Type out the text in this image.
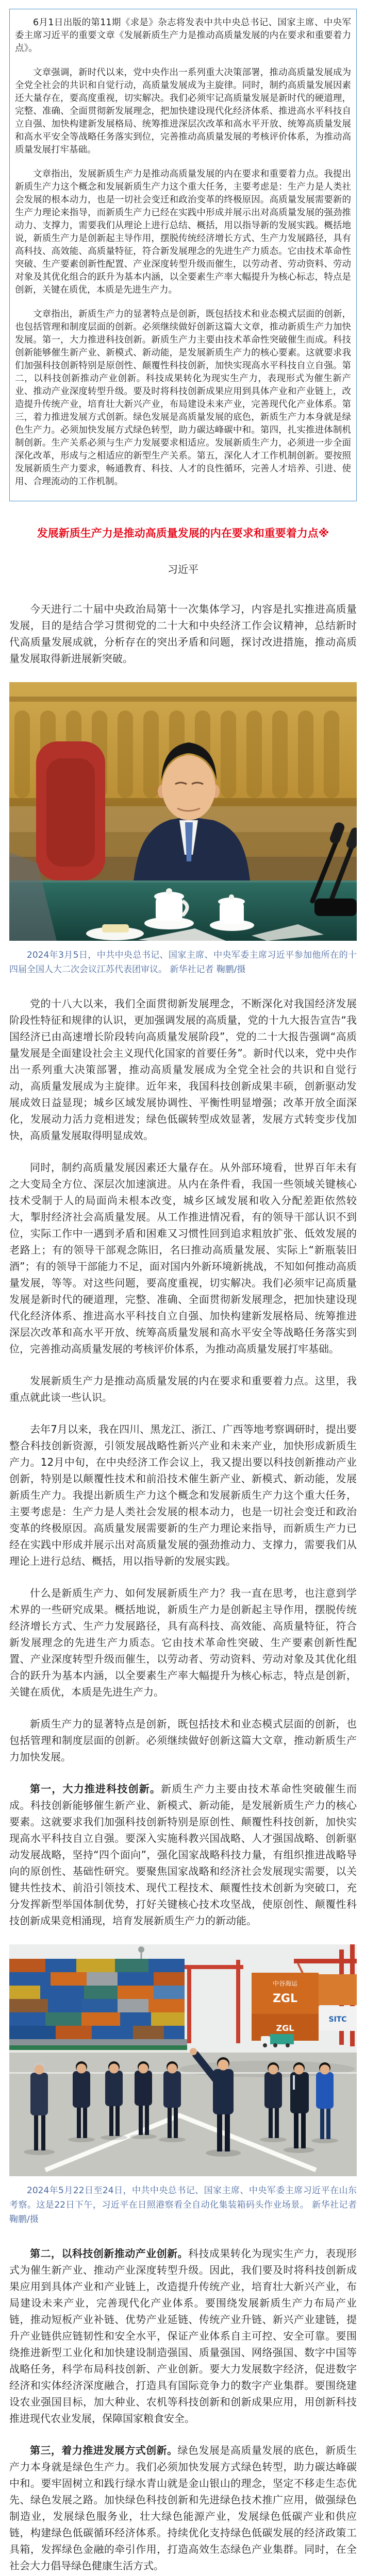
6月1日出版的第11期《求是》杂志将发表中共中央总书记、国家主席、中央军委主席习近平的重要文章《发展新质生产力是推动高质量发展的内在要求和重要着力点》。

文章强调，新时代以来，党中央作出一系列重大决策部署，推动高质量发展成为全党全社会的共识和自觉行动，高质量发展成为主旋律。同时，制约高质量发展因素还大量存在，要高度重视，切实解决。我们必须牢记高质量发展是新时代的硬道理，完整、准确、全面贯彻新发展理念，把加快建设现代化经济体系、推进高水平科技自立自强、加快构建新发展格局、统筹推进深层次改革和高水平开放、统筹高质量发展和高水平安全等战略任务落实到位，完善推动高质量发展的考核评价体系，为推动高质量发展打牢基础。

文章指出，发展新质生产力是推动高质量发展的内在要求和重要着力点。我提出新质生产力这个概念和发展新质生产力这个重大任务，主要考虑是：生产力是人类社会发展的根本动力，也是一切社会变迁和政治变革的终极原因。高质量发展需要新的生产力理论来指导，而新质生产力已经在实践中形成并展示出对高质量发展的强劲推动力、支撑力，需要我们从理论上进行总结、概括，用以指导新的发展实践。概括地说，新质生产力是创新起主导作用，摆脱传统经济增长方式、生产力发展路径，具有高科技、高效能、高质量特征，符合新发展理念的先进生产力质态。它由技术革命性突破、生产要素创新性配置、产业深度转型升级而催生，以劳动者、劳动资料、劳动对象及其优化组合的跃升为基本内涵，以全要素生产率大幅提升为核心标志，特点是创新，关键在质优，本质是先进生产力。

文章指出，新质生产力的显著特点是创新，既包括技术和业态模式层面的创新，也包括管理和制度层面的创新。必须继续做好创新这篇大文章，推动新质生产力加快发展。第一，大力推进科技创新。新质生产力主要由技术革命性突破催生而成。科技创新能够催生新产业、新模式、新动能，是发展新质生产力的核心要素。这就要求我们加强科技创新特别是原创性、颠覆性科技创新，加快实现高水平科技自立自强。第二，以科技创新推动产业创新。科技成果转化为现实生产力，表现形式为催生新产业、推动产业深度转型升级。要及时将科技创新成果应用到具体产业和产业链上，改造提升传统产业，培育壮大新兴产业，布局建设未来产业，完善现代化产业体系。第三，着力推进发展方式创新。绿色发展是高质量发展的底色，新质生产力本身就是绿色生产力。必须加快发展方式绿色转型，助力碳达峰碳中和。第四，扎实推进体制机制创新。生产关系必须与生产力发展要求相适应。发展新质生产力，必须进一步全面深化改革，形成与之相适应的新型生产关系。第五，深化人才工作机制创新。要按照发展新质生产力要求，畅通教育、科技、人才的良性循环，完善人才培养、引进、使用、合理流动的工作机制。

发展新质生产力是推动高质量发展的内在要求和重要着力点※
习近平

今天进行二十届中央政治局第十一次集体学习，内容是扎实推进高质量发展，目的是结合学习贯彻党的二十大和中央经济工作会议精神，总结新时代高质量发展成就，分析存在的突出矛盾和问题，探讨改进措施，推动高质量发展取得新进展新突破。

2024年3月5日，中共中央总书记、国家主席、中央军委主席习近平参加他所在的十四届全国人大二次会议江苏代表团审议。 新华社记者 鞠鹏/摄

党的十八大以来，我们全面贯彻新发展理念，不断深化对我国经济发展阶段性特征和规律的认识，更加强调发展的高质量，党的十九大报告宣告“我国经济已由高速增长阶段转向高质量发展阶段”，党的二十大报告强调“高质量发展是全面建设社会主义现代化国家的首要任务”。新时代以来，党中央作出一系列重大决策部署，推动高质量发展成为全党全社会的共识和自觉行动，高质量发展成为主旋律。近年来，我国科技创新成果丰硕，创新驱动发展成效日益显现；城乡区域发展协调性、平衡性明显增强；改革开放全面深化，发展动力活力竞相迸发；绿色低碳转型成效显著，发展方式转变步伐加快，高质量发展取得明显成效。

同时，制约高质量发展因素还大量存在。从外部环境看，世界百年未有之大变局全方位、深层次加速演进。从内在条件看，我国一些领域关键核心技术受制于人的局面尚未根本改变，城乡区域发展和收入分配差距依然较大，掣肘经济社会高质量发展。从工作推进情况看，有的领导干部认识不到位，实际工作中一遇到矛盾和困难又习惯性回到追求粗放扩张、低效发展的老路上；有的领导干部观念陈旧，名曰推动高质量发展、实际上“新瓶装旧酒”；有的领导干部能力不足，面对国内外新环境新挑战，不知如何推动高质量发展，等等。对这些问题，要高度重视，切实解决。我们必须牢记高质量发展是新时代的硬道理，完整、准确、全面贯彻新发展理念，把加快建设现代化经济体系、推进高水平科技自立自强、加快构建新发展格局、统筹推进深层次改革和高水平开放、统筹高质量发展和高水平安全等战略任务落实到位，完善推动高质量发展的考核评价体系，为推动高质量发展打牢基础。

发展新质生产力是推动高质量发展的内在要求和重要着力点。这里，我重点就此谈一些认识。

去年7月以来，我在四川、黑龙江、浙江、广西等地考察调研时，提出要整合科技创新资源，引领发展战略性新兴产业和未来产业，加快形成新质生产力。12月中旬，在中央经济工作会议上，我又提出要以科技创新推动产业创新，特别是以颠覆性技术和前沿技术催生新产业、新模式、新动能，发展新质生产力。我提出新质生产力这个概念和发展新质生产力这个重大任务，主要考虑是：生产力是人类社会发展的根本动力，也是一切社会变迁和政治变革的终极原因。高质量发展需要新的生产力理论来指导，而新质生产力已经在实践中形成并展示出对高质量发展的强劲推动力、支撑力，需要我们从理论上进行总结、概括，用以指导新的发展实践。

什么是新质生产力、如何发展新质生产力？我一直在思考，也注意到学术界的一些研究成果。概括地说，新质生产力是创新起主导作用，摆脱传统经济增长方式、生产力发展路径，具有高科技、高效能、高质量特征，符合新发展理念的先进生产力质态。它由技术革命性突破、生产要素创新性配置、产业深度转型升级而催生，以劳动者、劳动资料、劳动对象及其优化组合的跃升为基本内涵，以全要素生产率大幅提升为核心标志，特点是创新，关键在质优，本质是先进生产力。

新质生产力的显著特点是创新，既包括技术和业态模式层面的创新，也包括管理和制度层面的创新。必须继续做好创新这篇大文章，推动新质生产力加快发展。

第一，大力推进科技创新。新质生产力主要由技术革命性突破催生而成。科技创新能够催生新产业、新模式、新动能，是发展新质生产力的核心要素。这就要求我们加强科技创新特别是原创性、颠覆性科技创新，加快实现高水平科技自立自强。要深入实施科教兴国战略、人才强国战略、创新驱动发展战略，坚持“四个面向”，强化国家战略科技力量，有组织推进战略导向的原创性、基础性研究。要聚焦国家战略和经济社会发展现实需要，以关键共性技术、前沿引领技术、现代工程技术、颠覆性技术创新为突破口，充分发挥新型举国体制优势，打好关键核心技术攻坚战，使原创性、颠覆性科技创新成果竞相涌现，培育发展新质生产力的新动能。

中谷海运
ZGL
ZGL
SITC

2024年5月22日至24日，中共中央总书记、国家主席、中央军委主席习近平在山东考察。这是22日下午，习近平在日照港察看全自动化集装箱码头作业场景。 新华社记者 鞠鹏/摄

第二，以科技创新推动产业创新。科技成果转化为现实生产力，表现形式为催生新产业、推动产业深度转型升级。因此，我们要及时将科技创新成果应用到具体产业和产业链上，改造提升传统产业，培育壮大新兴产业，布局建设未来产业，完善现代化产业体系。要围绕发展新质生产力布局产业链，推动短板产业补链、优势产业延链、传统产业升链、新兴产业建链，提升产业链供应链韧性和安全水平，保证产业体系自主可控、安全可靠。要围绕推进新型工业化和加快建设制造强国、质量强国、网络强国、数字中国等战略任务，科学布局科技创新、产业创新。要大力发展数字经济，促进数字经济和实体经济深度融合，打造具有国际竞争力的数字产业集群。要围绕建设农业强国目标，加大种业、农机等科技创新和创新成果应用，用创新科技推进现代农业发展，保障国家粮食安全。

第三，着力推进发展方式创新。绿色发展是高质量发展的底色，新质生产力本身就是绿色生产力。我们必须加快发展方式绿色转型，助力碳达峰碳中和。要牢固树立和践行绿水青山就是金山银山的理念，坚定不移走生态优先、绿色发展之路。加快绿色科技创新和先进绿色技术推广应用，做强绿色制造业，发展绿色服务业，壮大绿色能源产业，发展绿色低碳产业和供应链，构建绿色低碳循环经济体系。持续优化支持绿色低碳发展的经济政策工具箱，发挥绿色金融的牵引作用，打造高效生态绿色产业集群。同时，在全社会大力倡导绿色健康生活方式。
